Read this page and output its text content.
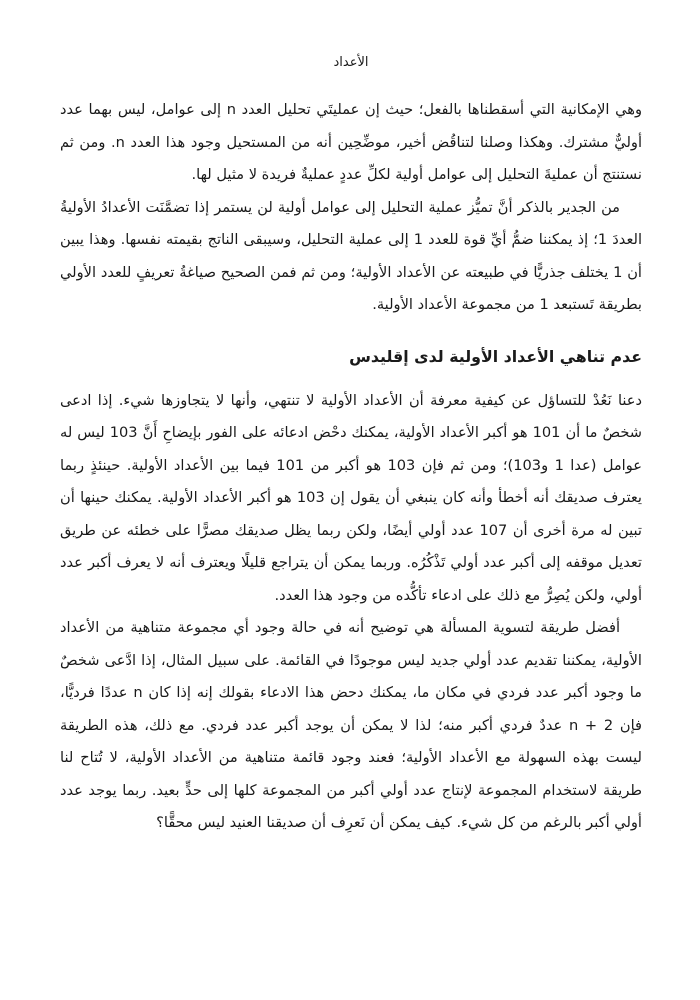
الأعداد

وهي الإمكانية التي أسقطناها بالفعل؛ حيث إن عمليتَي تحليل العدد n إلى عوامل، ليس بهما عدد أوليٌّ مشترك. وهكذا وصلنا لتناقُض أخير، موضِّحِين أنه من المستحيل وجود هذا العدد n. ومن ثم نستنتج أن عمليةَ التحليل إلى عوامل أولية لكلِّ عددٍ عمليةٌ فريدة لا مثيل لها.

من الجدير بالذكر أنَّ تميُّز عملية التحليل إلى عوامل أولية لن يستمر إذا تضمَّنَت الأعدادُ الأوليةُ العددَ 1؛ إذ يمكننا ضمُّ أيِّ قوة للعدد 1 إلى عملية التحليل، وسيبقى الناتج بقيمته نفسها. وهذا يبين أن 1 يختلف جذريًّا في طبيعته عن الأعداد الأولية؛ ومن ثم فمن الصحيح صياغةُ تعريفٍ للعدد الأولي بطريقة تَستبعد 1 من مجموعة الأعداد الأولية.

عدم تناهي الأعداد الأولية لدى إقليدس

دعنا نَعُدْ للتساؤل عن كيفية معرفة أن الأعداد الأولية لا تنتهي، وأنها لا يتجاوزها شيء. إذا ادعى شخصٌ ما أن 101 هو أكبر الأعداد الأولية، يمكنك دحْض ادعائه على الفور بإيضاحِ أَنَّ 103 ليس له عوامل (عدا 1 و103)؛ ومن ثم فإن 103 هو أكبر من 101 فيما بين الأعداد الأولية. حينئذٍ ربما يعترف صديقك أنه أخطأ وأنه كان ينبغي أن يقول إن 103 هو أكبر الأعداد الأولية. يمكنك حينها أن تبين له مرة أخرى أن 107 عدد أولي أيضًا، ولكن ربما يظل صديقك مصرًّا على خطئه عن طريق تعديل موقفه إلى أكبر عدد أولي تَذْكُرُه. وربما يمكن أن يتراجع قليلًا ويعترف أنه لا يعرف أكبر عدد أولي، ولكن يُصِرُّ مع ذلك على ادعاء تأكُّده من وجود هذا العدد.

أفضل طريقة لتسوية المسألة هي توضيح أنه في حالة وجود أي مجموعة متناهية من الأعداد الأولية، يمكننا تقديم عدد أولي جديد ليس موجودًا في القائمة. على سبيل المثال، إذا ادَّعى شخصٌ ما وجود أكبر عدد فردي في مكان ما، يمكنك دحض هذا الادعاء بقولك إنه إذا كان n عددًا فرديًّا، فإن n + 2 عددٌ فردي أكبر منه؛ لذا لا يمكن أن يوجد أكبر عدد فردي. مع ذلك، هذه الطريقة ليست بهذه السهولة مع الأعداد الأولية؛ فعند وجود قائمة متناهية من الأعداد الأولية، لا تُتاح لنا طريقة لاستخدام المجموعة لإنتاج عدد أولي أكبر من المجموعة كلها إلى حدٍّ بعيد. ربما يوجد عدد أولي أكبر بالرغم من كل شيء. كيف يمكن أن نَعرِف أن صديقنا العنيد ليس محقًّا؟
